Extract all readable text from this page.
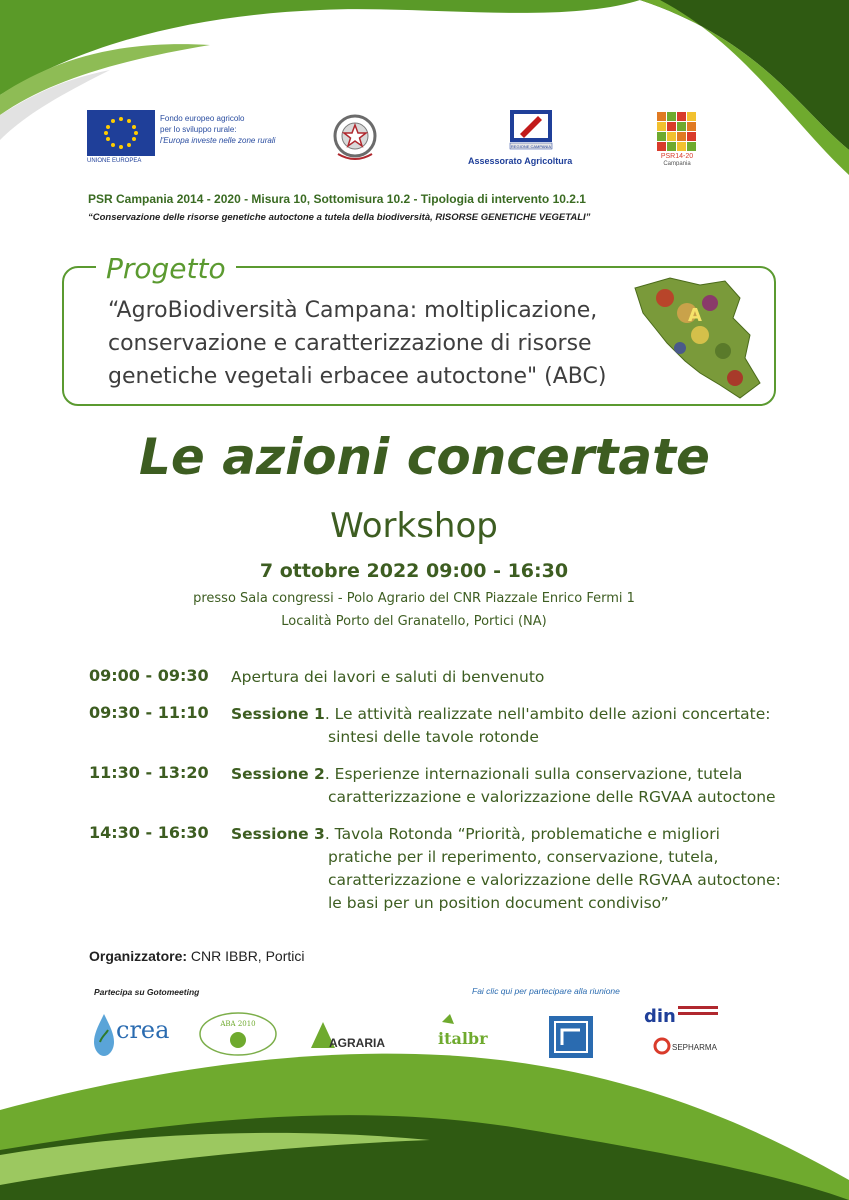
UNIONE EUROPEA
Fondo europeo agricolo
per lo sviluppo rurale:
l'Europa investe nelle zone rurali
REGIONE CAMPANIA
Assessorato Agricoltura	PSR14-20
Campania
PSR Campania 2014 - 2020 - Misura 10, Sottomisura 10.2 - Tipologia di intervento 10.2.1
“Conservazione delle risorse genetiche autoctone a tutela della biodiversità, RISORSE GENETICHE VEGETALI”
Progetto
“AgroBiodiversità Campana: moltiplicazione,
conservazione e caratterizzazione di risorse
genetiche vegetali erbacee autoctone" (ABC)
A
Le azioni concertate
Workshop
7 ottobre 2022 09:00 - 16:30
presso Sala congressi - Polo Agrario del CNR Piazzale Enrico Fermi 1
Località Porto del Granatello, Portici (NA)
09:00 - 09:30 Apertura dei lavori e saluti di benvenuto
09:30 - 11:10 Sessione 1. Le attività realizzate nell'ambito delle azioni concertate:
sintesi delle tavole rotonde
11:30 - 13:20 Sessione 2. Esperienze internazionali sulla conservazione, tutela
caratterizzazione e valorizzazione delle RGVAA autoctone
14:30 - 16:30 Sessione 3. Tavola Rotonda “Priorità, problematiche e migliori
pratiche per il reperimento, conservazione, tutela,
caratterizzazione e valorizzazione delle RGVAA autoctone:
le basi per un position document condiviso”
Organizzatore: CNR IBBR, Portici
Partecipa su Gotomeeting	Fai clic qui per partecipare alla riunione
crea	ABA 2010
AGRARIA	italbr
din
SEPHARMA
